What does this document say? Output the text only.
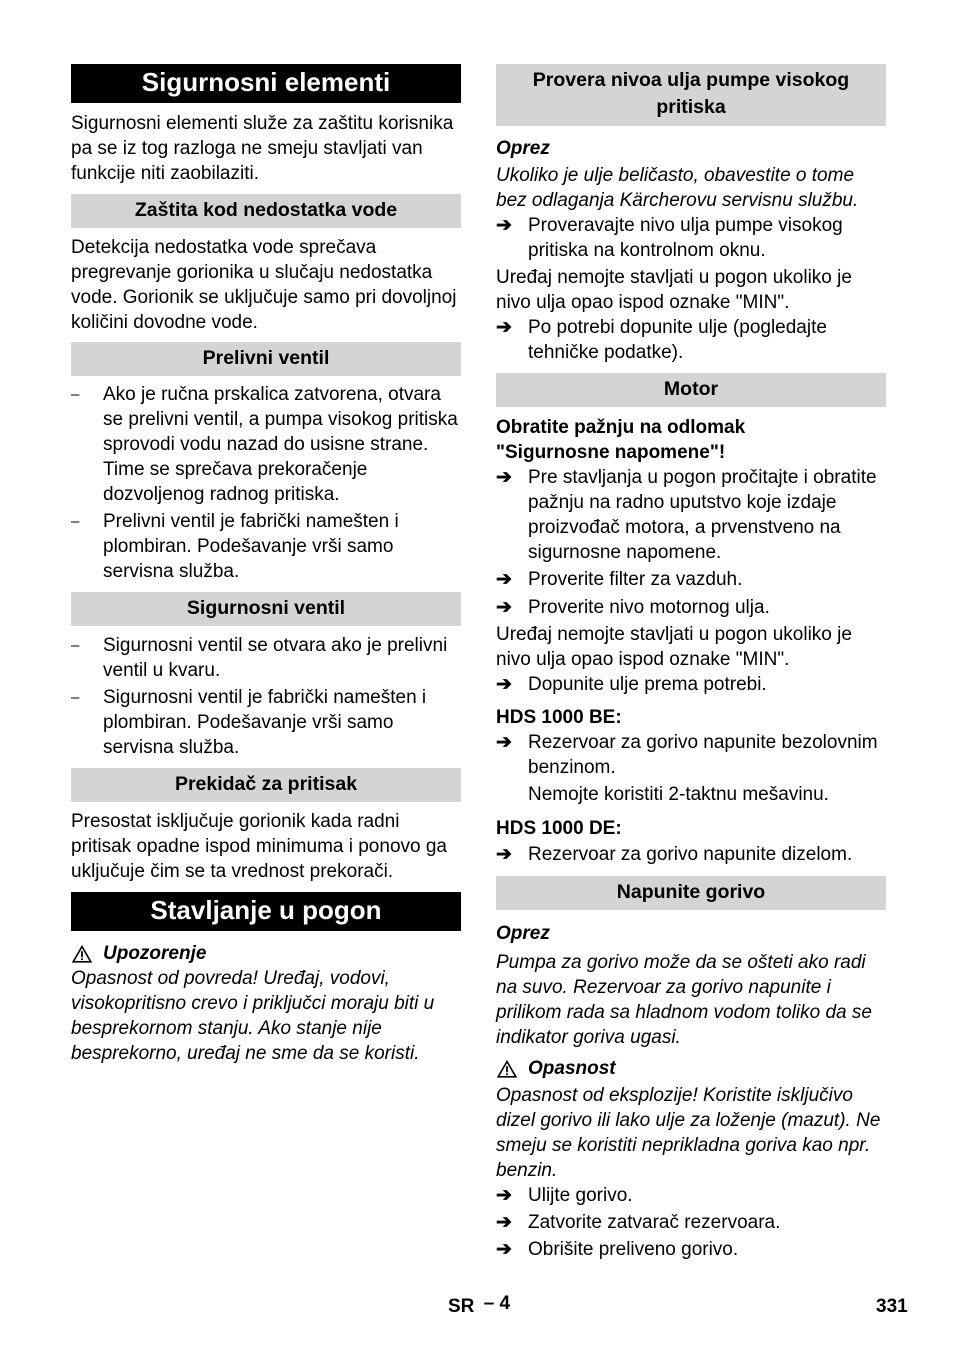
Sigurnosni elementi

Sigurnosni elementi služe za zaštitu korisnika pa se iz tog razloga ne smeju stavljati van funkcije niti zaobilaziti.

Zaštita kod nedostatka vode

Detekcija nedostatka vode sprečava pregrevanje gorionika u slučaju nedostatka vode. Gorionik se uključuje samo pri dovoljnoj količini dovodne vode.

Prelivni ventil
–	Ako je ručna prskalica zatvorena, otvara se prelivni ventil, a pumpa visokog pritiska sprovodi vodu nazad do usisne strane. Time se sprečava prekoračenje dozvoljenog radnog pritiska.
–	Prelivni ventil je fabrički namešten i plombiran. Podešavanje vrši samo servisna služba.
Sigurnosni ventil
–	Sigurnosni ventil se otvara ako je prelivni ventil u kvaru.
–	Sigurnosni ventil je fabrički namešten i plombiran. Podešavanje vrši samo servisna služba.
Prekidač za pritisak

Presostat isključuje gorionik kada radni pritisak opadne ispod minimuma i ponovo ga uključuje čim se ta vrednost prekorači.

Stavljanje u pogon
Upozorenje

Opasnost od povreda! Uređaj, vodovi, visokopritisno crevo i priključci moraju biti u besprekornom stanju. Ako stanje nije besprekorno, uređaj ne sme da se koristi.

Provera nivoa ulja pumpe visokog pritiska

Oprez

Ukoliko je ulje beličasto, obavestite o tome bez odlaganja Kärcherovu servisnu službu.

➔ Proveravajte nivo ulja pumpe visokog pritiska na kontrolnom oknu.

Uređaj nemojte stavljati u pogon ukoliko je nivo ulja opao ispod oznake "MIN".

➔ Po potrebi dopunite ulje (pogledajte tehničke podatke).
Motor

Obratite pažnju na odlomak "Sigurnosne napomene"!

➔ Pre stavljanja u pogon pročitajte i obratite pažnju na radno uputstvo koje izdaje proizvođač motora, a prvenstveno na sigurnosne napomene.
➔ Proverite filter za vazduh.
➔ Proverite nivo motornog ulja.

Uređaj nemojte stavljati u pogon ukoliko je nivo ulja opao ispod oznake "MIN".

➔ Dopunite ulje prema potrebi.

HDS 1000 BE:

➔ Rezervoar za gorivo napunite bezolovnim benzinom.

Nemojte koristiti 2-taktnu mešavinu.

HDS 1000 DE:

➔ Rezervoar za gorivo napunite dizelom.
Napunite gorivo

Oprez

Pumpa za gorivo može da se ošteti ako radi na suvo. Rezervoar za gorivo napunite i prilikom rada sa hladnom vodom toliko da se indikator goriva ugasi.

Opasnost

Opasnost od eksplozije! Koristite isključivo dizel gorivo ili lako ulje za loženje (mazut). Ne smeju se koristiti neprikladna goriva kao npr. benzin.

➔ Ulijte gorivo.
➔ Zatvorite zatvarač rezervoara.
➔ Obrišite preliveno gorivo.
SR – 4	331
